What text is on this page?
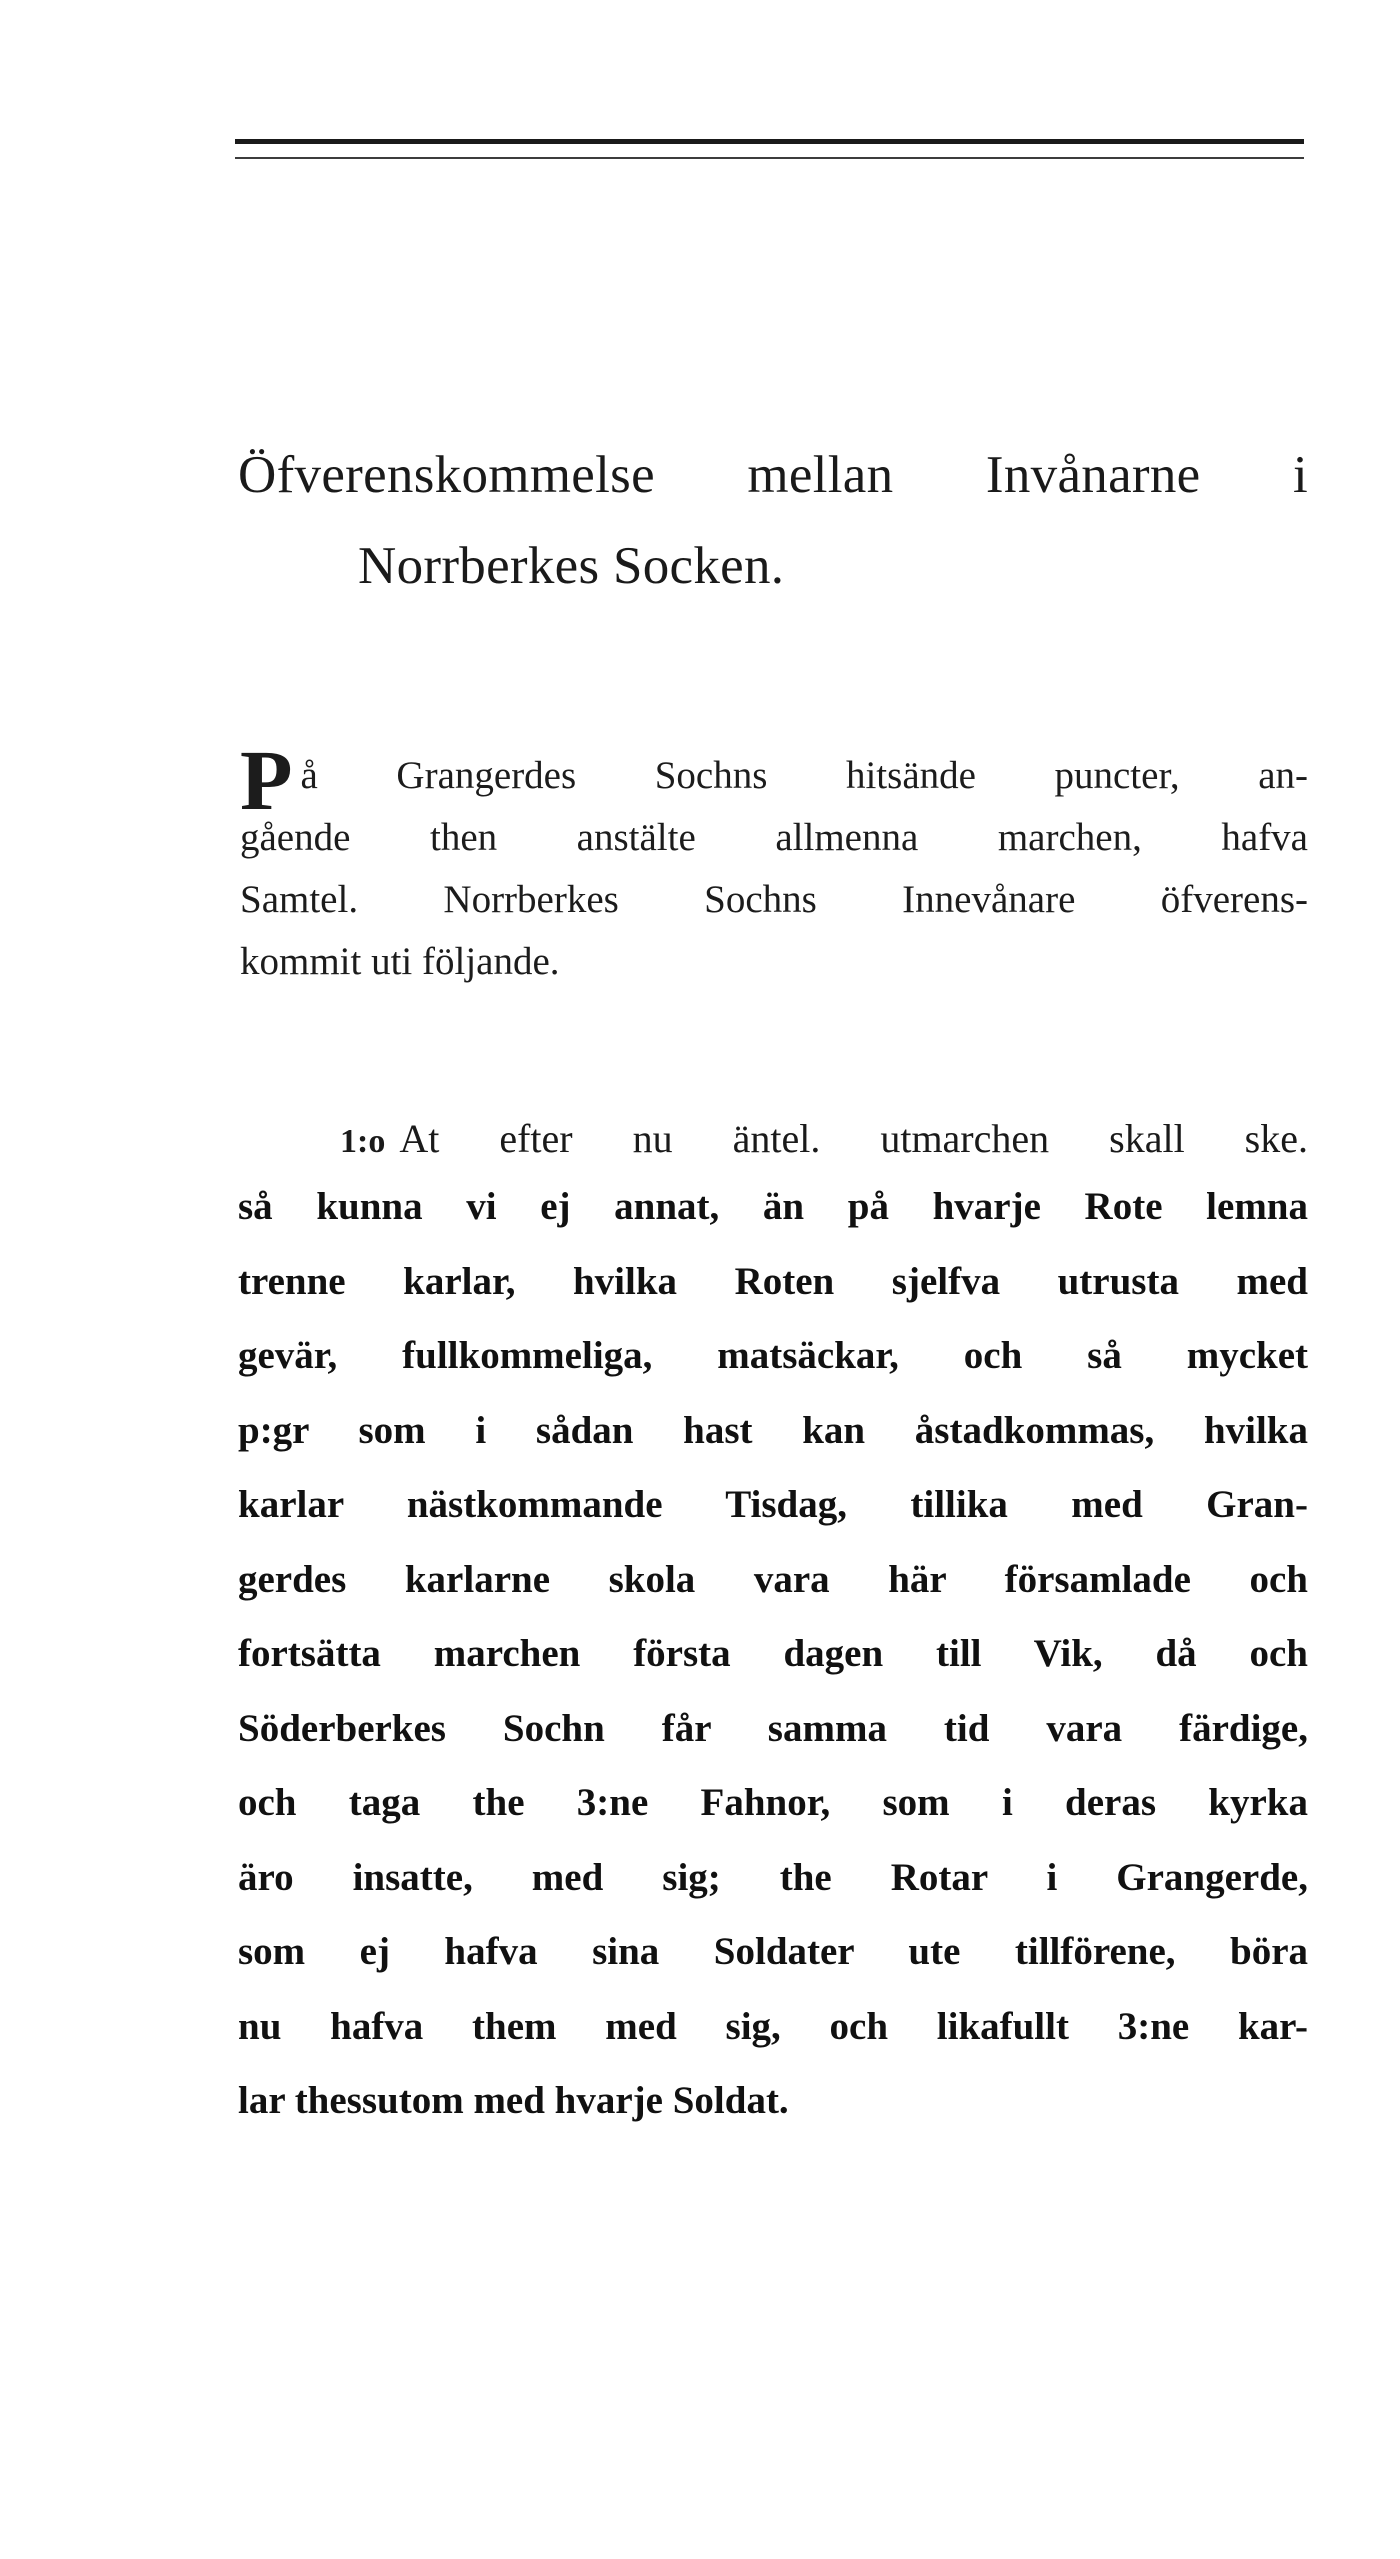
Öfverenskommelse mellan Invånarne i
Norrberkes Socken.
P å Grangerdes Sochns hitsände puncter, an-
gående then anstälte allmenna marchen, hafva
Samtel. Norrberkes Sochns Innevånare öfverens-
kommit uti följande.
1:o At efter nu äntel. utmarchen skall ske.
så kunna vi ej annat, än på hvarje Rote lemna
trenne karlar, hvilka Roten sjelfva utrusta med
gevär, fullkommeliga, matsäckar, och så mycket
p:gr som i sådan hast kan åstadkommas, hvilka
karlar nästkommande Tisdag, tillika med Gran-
gerdes karlarne skola vara här församlade och
fortsätta marchen första dagen till Vik, då och
Söderberkes Sochn får samma tid vara färdige,
och taga the 3:ne Fahnor, som i deras kyrka
äro insatte, med sig; the Rotar i Grangerde,
som ej hafva sina Soldater ute tillförene, böra
nu hafva them med sig, och likafullt 3:ne kar-
lar thessutom med hvarje Soldat.
